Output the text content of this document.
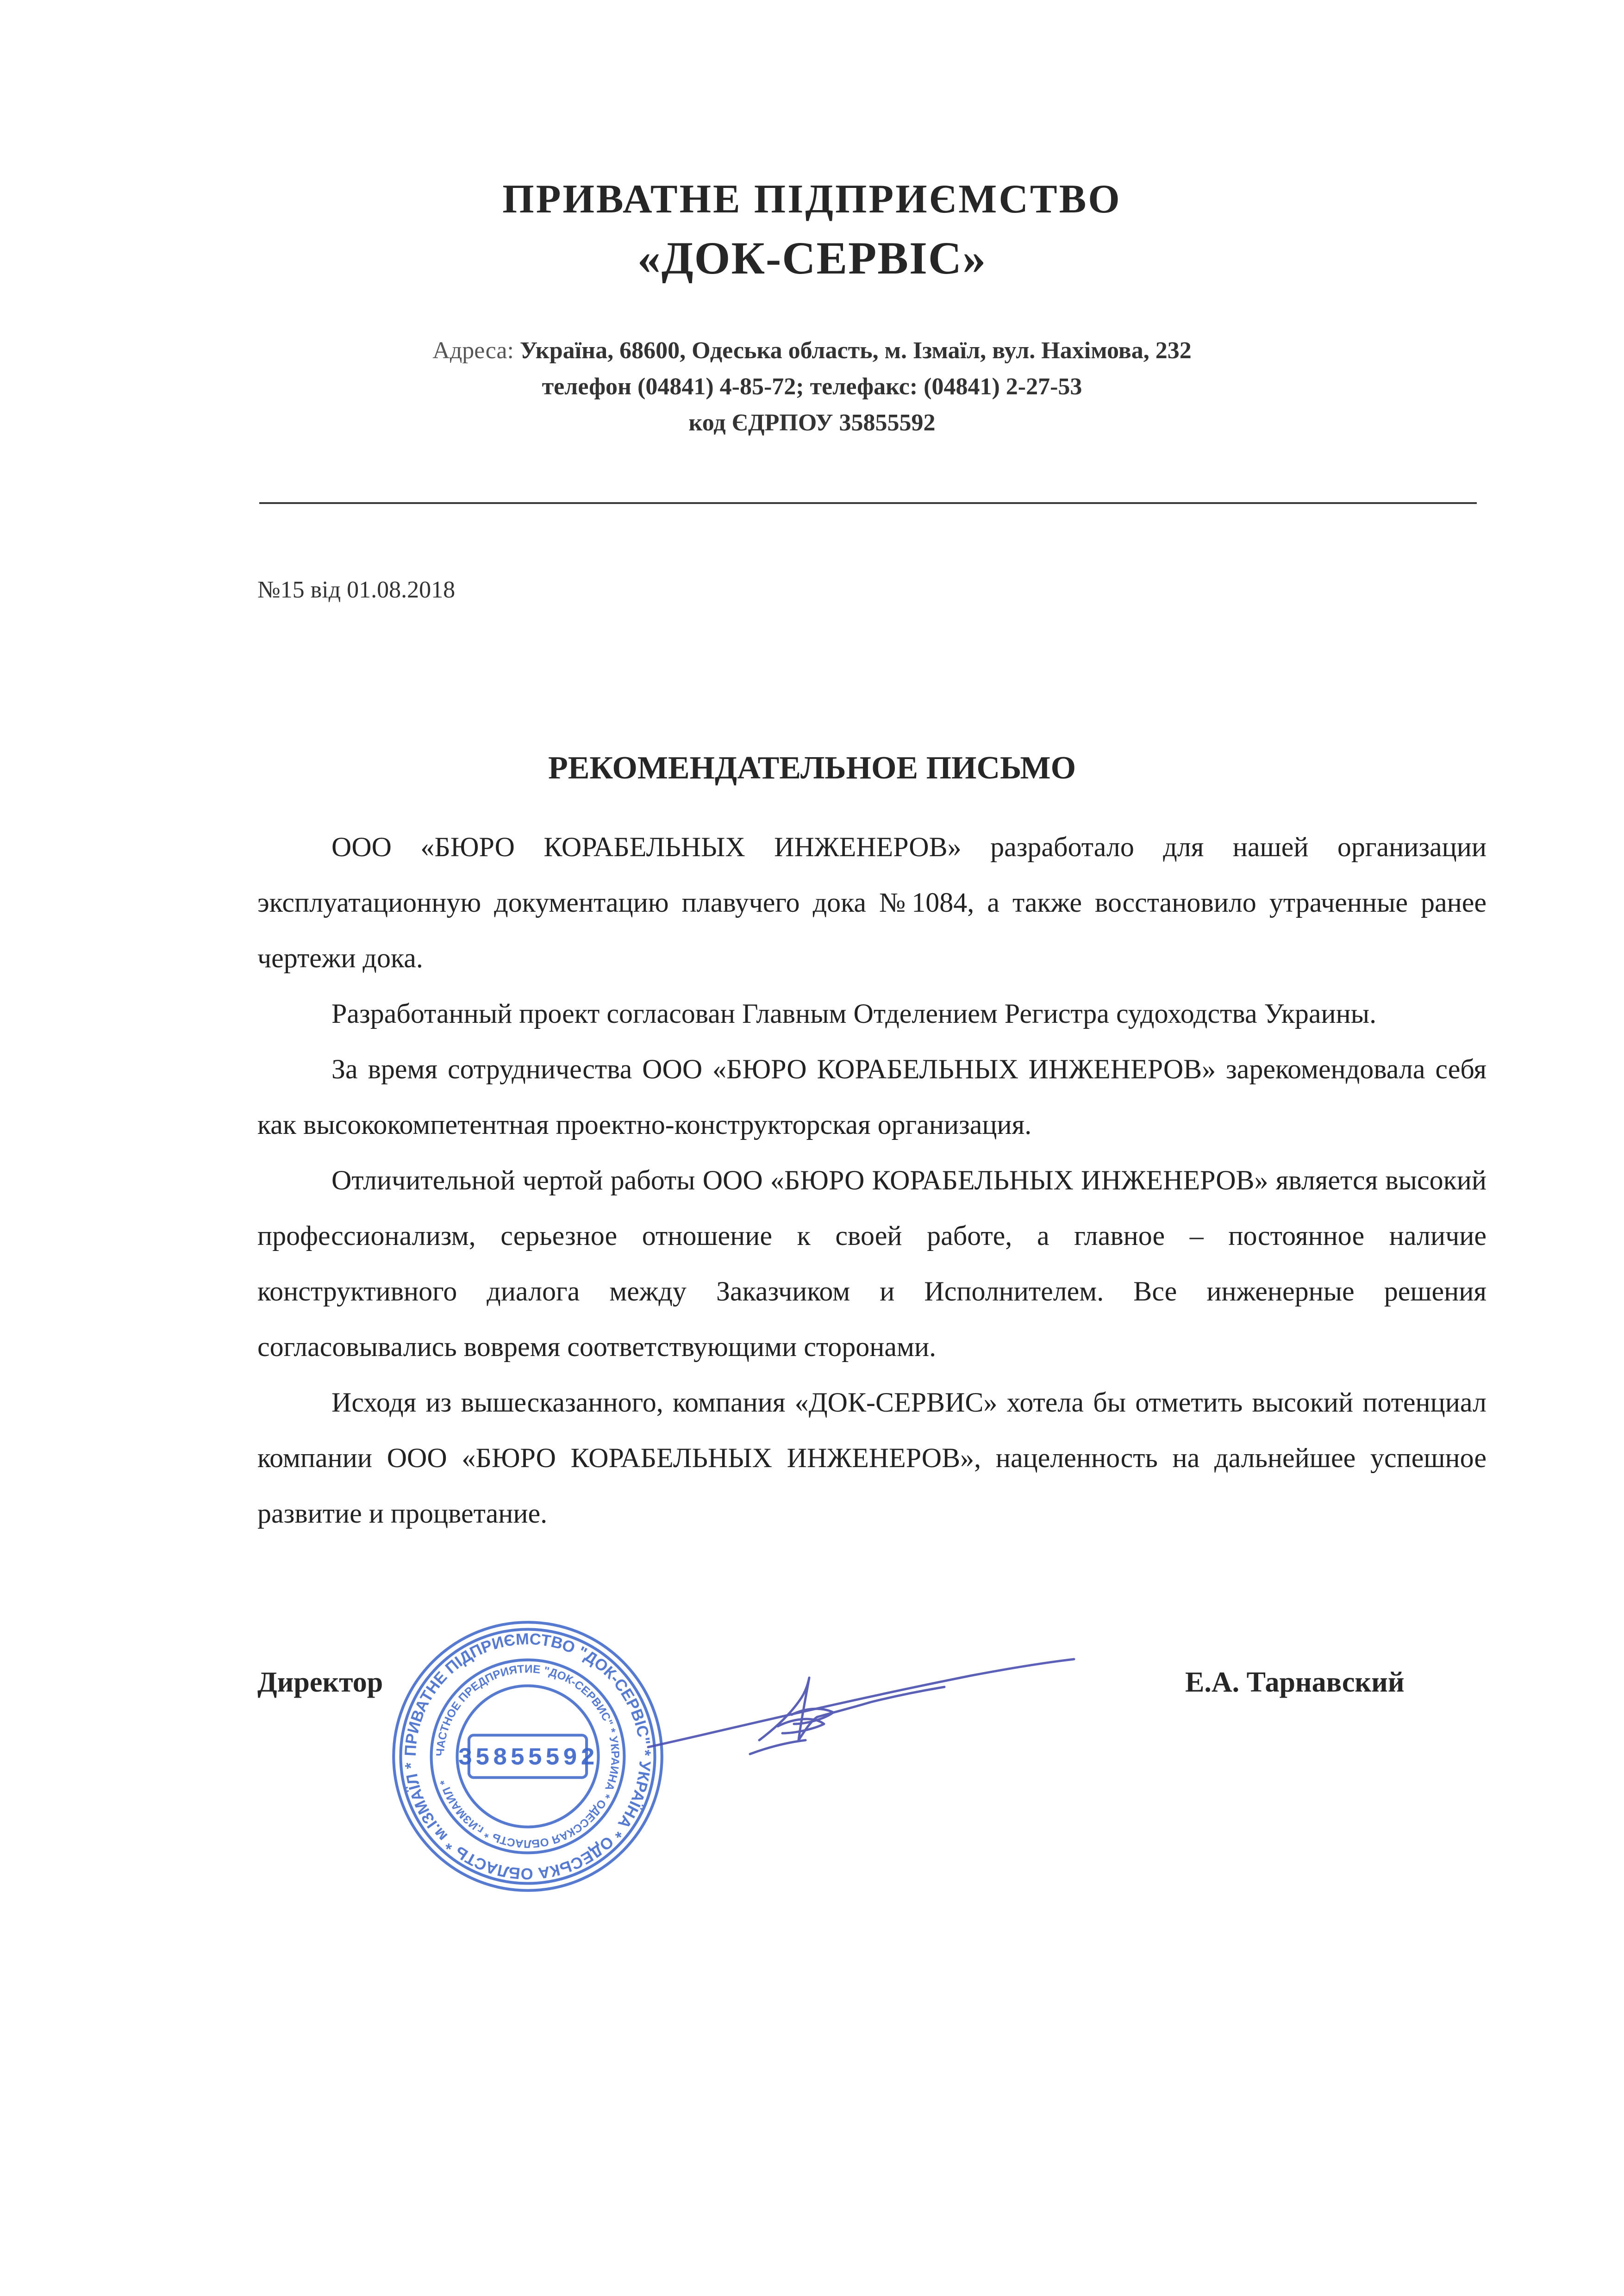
ПРИВАТНЕ ПІДПРИЄМСТВО
«ДОК-СЕРВІС»
Адреса: Україна, 68600, Одеська область, м. Ізмаїл, вул. Нахімова, 232
телефон (04841) 4-85-72; телефакс: (04841) 2-27-53
код ЄДРПОУ 35855592
№15 від 01.08.2018
РЕКОМЕНДАТЕЛЬНОЕ ПИСЬМО

ООО «БЮРО КОРАБЕЛЬНЫХ ИНЖЕНЕРОВ» разработало для нашей организации эксплуатационную документацию плавучего дока №1084, а также восстановило утраченные ранее чертежи дока.

Разработанный проект согласован Главным Отделением Регистра судоходства Украины.

За время сотрудничества ООО «БЮРО КОРАБЕЛЬНЫХ ИНЖЕНЕРОВ» зарекомендовала себя как высококомпетентная проектно-конструкторская организация.

Отличительной чертой работы ООО «БЮРО КОРАБЕЛЬНЫХ ИНЖЕНЕРОВ» является высокий профессионализм, серьезное отношение к своей работе, а главное – постоянное наличие конструктивного диалога между Заказчиком и Исполнителем. Все инженерные решения согласовывались вовремя соответствующими сторонами.

Исходя из вышесказанного, компания «ДОК-СЕРВИС» хотела бы отметить высокий потенциал компании ООО «БЮРО КОРАБЕЛЬНЫХ ИНЖЕНЕРОВ», нацеленность на дальнейшее успешное развитие и процветание.

Директор
ПРИВАТНЕ ПІДПРИЄМСТВО "ДОК-СЕРВІС" * УКРАЇНА * ОДЕСЬКА ОБЛАСТЬ * м.ІЗМАЇЛ *
ЧАСТНОЕ ПРЕДПРИЯТИЕ "ДОК-СЕРВИС" * УКРАИНА * ОДЕССКАЯ ОБЛАСТЬ * г.ИЗМАИЛ *
35855592
Е.А. Тарнавский
